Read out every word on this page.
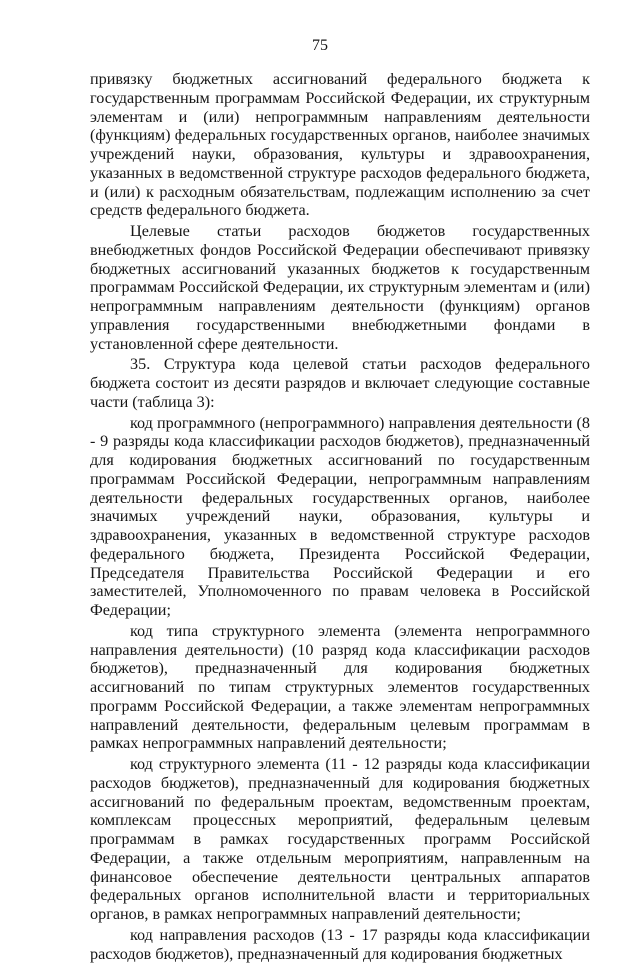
75

привязку бюджетных ассигнований федерального бюджета к государственным программам Российской Федерации, их структурным элементам и (или) непрограммным направлениям деятельности (функциям) федеральных государственных органов, наиболее значимых учреждений науки, образования, культуры и здравоохранения, указанных в ведомственной структуре расходов федерального бюджета, и (или) к расходным обязательствам, подлежащим исполнению за счет средств федерального бюджета.

Целевые статьи расходов бюджетов государственных внебюджетных фондов Российской Федерации обеспечивают привязку бюджетных ассигнований указанных бюджетов к государственным программам Российской Федерации, их структурным элементам и (или) непрограммным направлениям деятельности (функциям) органов управления государственными внебюджетными фондами в установленной сфере деятельности.

35. Структура кода целевой статьи расходов федерального бюджета состоит из десяти разрядов и включает следующие составные части (таблица 3):

код программного (непрограммного) направления деятельности (8 - 9 разряды кода классификации расходов бюджетов), предназначенный для кодирования бюджетных ассигнований по государственным программам Российской Федерации, непрограммным направлениям деятельности федеральных государственных органов, наиболее значимых учреждений науки, образования, культуры и здравоохранения, указанных в ведомственной структуре расходов федерального бюджета, Президента Российской Федерации, Председателя Правительства Российской Федерации и его заместителей, Уполномоченного по правам человека в Российской Федерации;

код типа структурного элемента (элемента непрограммного направления деятельности) (10 разряд кода классификации расходов бюджетов), предназначенный для кодирования бюджетных ассигнований по типам структурных элементов государственных программ Российской Федерации, а также элементам непрограммных направлений деятельности, федеральным целевым программам в рамках непрограммных направлений деятельности;

код структурного элемента (11 - 12 разряды кода классификации расходов бюджетов), предназначенный для кодирования бюджетных ассигнований по федеральным проектам, ведомственным проектам, комплексам процессных мероприятий, федеральным целевым программам в рамках государственных программ Российской Федерации, а также отдельным мероприятиям, направленным на финансовое обеспечение деятельности центральных аппаратов федеральных органов исполнительной власти и территориальных органов, в рамках непрограммных направлений деятельности;

код направления расходов (13 - 17 разряды кода классификации расходов бюджетов), предназначенный для кодирования бюджетных
